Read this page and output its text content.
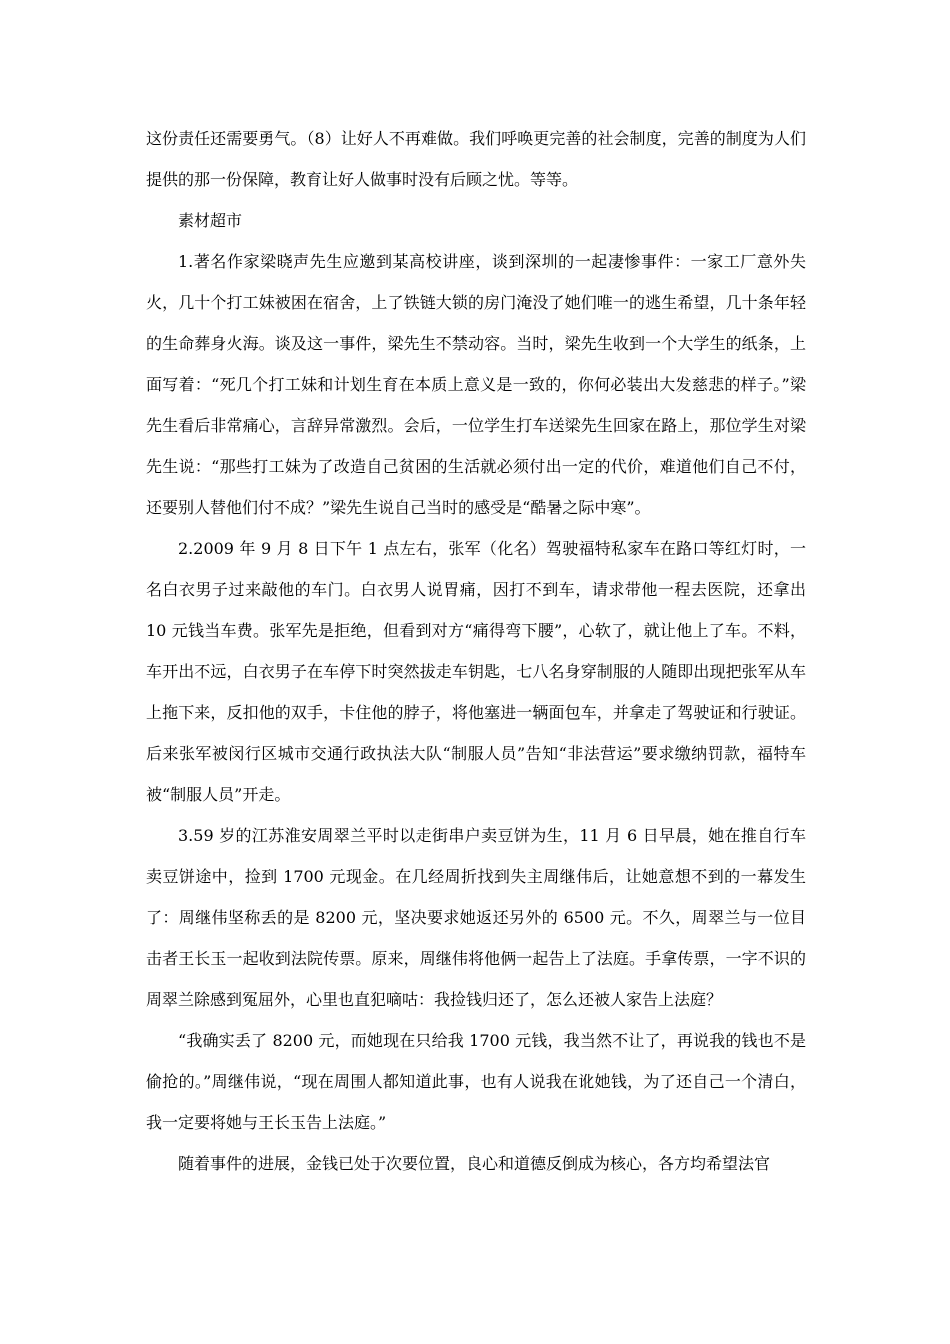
这份责任还需要勇气。（8）让好人不再难做。我们呼唤更完善的社会制度，完善的制度为人们提供的那一份保障，教育让好人做事时没有后顾之忧。等等。

素材超市

1.著名作家梁晓声先生应邀到某高校讲座，谈到深圳的一起凄惨事件：一家工厂意外失火，几十个打工妹被困在宿舍，上了铁链大锁的房门淹没了她们唯一的逃生希望，几十条年轻的生命葬身火海。谈及这一事件，梁先生不禁动容。当时，梁先生收到一个大学生的纸条，上面写着：“死几个打工妹和计划生育在本质上意义是一致的，你何必装出大发慈悲的样子。”梁先生看后非常痛心，言辞异常激烈。会后，一位学生打车送梁先生回家在路上，那位学生对梁先生说：“那些打工妹为了改造自己贫困的生活就必须付出一定的代价，难道他们自己不付，还要别人替他们付不成？”梁先生说自己当时的感受是“酷暑之际中寒”。

2.2009 年 9 月 8 日下午 1 点左右，张军（化名）驾驶福特私家车在路口等红灯时，一名白衣男子过来敲他的车门。白衣男人说胃痛，因打不到车，请求带他一程去医院，还拿出 10 元钱当车费。张军先是拒绝，但看到对方“痛得弯下腰”，心软了，就让他上了车。不料，车开出不远，白衣男子在车停下时突然拔走车钥匙，七八名身穿制服的人随即出现把张军从车上拖下来，反扣他的双手，卡住他的脖子，将他塞进一辆面包车，并拿走了驾驶证和行驶证。后来张军被闵行区城市交通行政执法大队“制服人员”告知“非法营运”要求缴纳罚款，福特车被“制服人员”开走。

3.59 岁的江苏淮安周翠兰平时以走街串户卖豆饼为生，11 月 6 日早晨，她在推自行车卖豆饼途中，捡到 1700 元现金。在几经周折找到失主周继伟后，让她意想不到的一幕发生了：周继伟坚称丢的是 8200 元，坚决要求她返还另外的 6500 元。不久，周翠兰与一位目击者王长玉一起收到法院传票。原来，周继伟将他俩一起告上了法庭。手拿传票，一字不识的周翠兰除感到冤屈外，心里也直犯嘀咕：我捡钱归还了，怎么还被人家告上法庭？

“我确实丢了 8200 元，而她现在只给我 1700 元钱，我当然不让了，再说我的钱也不是偷抢的。”周继伟说，“现在周围人都知道此事，也有人说我在讹她钱，为了还自己一个清白，我一定要将她与王长玉告上法庭。”

随着事件的进展，金钱已处于次要位置，良心和道德反倒成为核心，各方均希望法官
